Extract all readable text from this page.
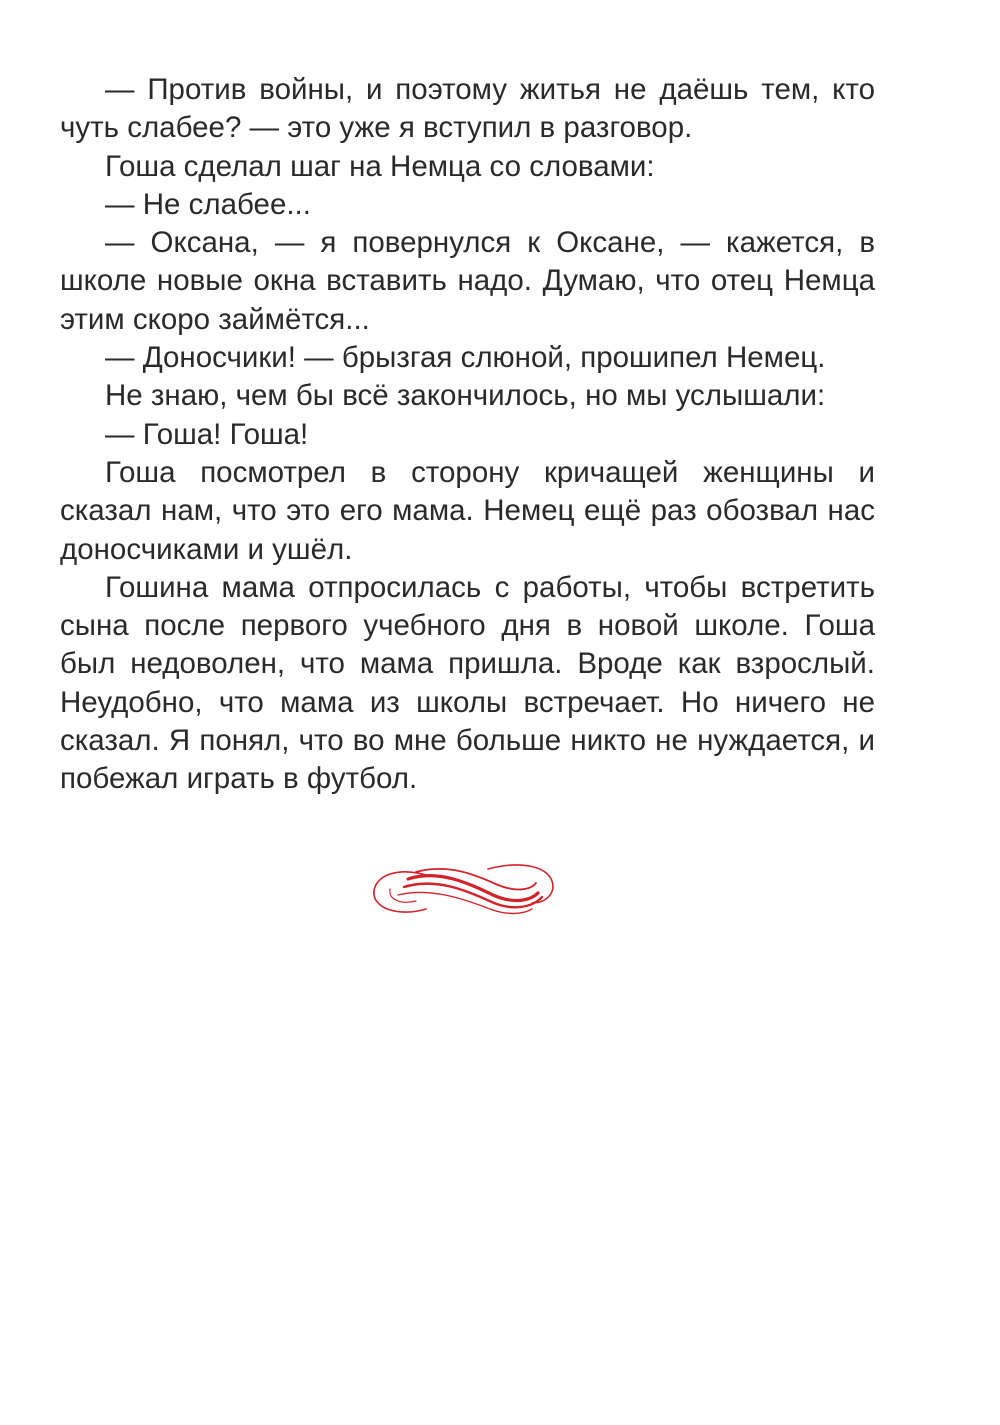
— Против войны, и поэтому житья не даёшь тем, кто чуть слабее? — это уже я вступил в разговор.

Гоша сделал шаг на Немца со словами:

— Не слабее...

— Оксана, — я повернулся к Оксане, — кажется, в школе новые окна вставить надо. Думаю, что отец Немца этим скоро займётся...

— Доносчики! — брызгая слюной, прошипел Немец.

Не знаю, чем бы всё закончилось, но мы услышали:

— Гоша! Гоша!

Гоша посмотрел в сторону кричащей женщины и сказал нам, что это его мама. Немец ещё раз обозвал нас доносчиками и ушёл.

Гошина мама отпросилась с работы, чтобы встретить сына после первого учебного дня в новой школе. Гоша был недоволен, что мама пришла. Вроде как взрослый. Неудобно, что мама из школы встречает. Но ничего не сказал. Я понял, что во мне больше никто не нуждается, и побежал играть в футбол.
